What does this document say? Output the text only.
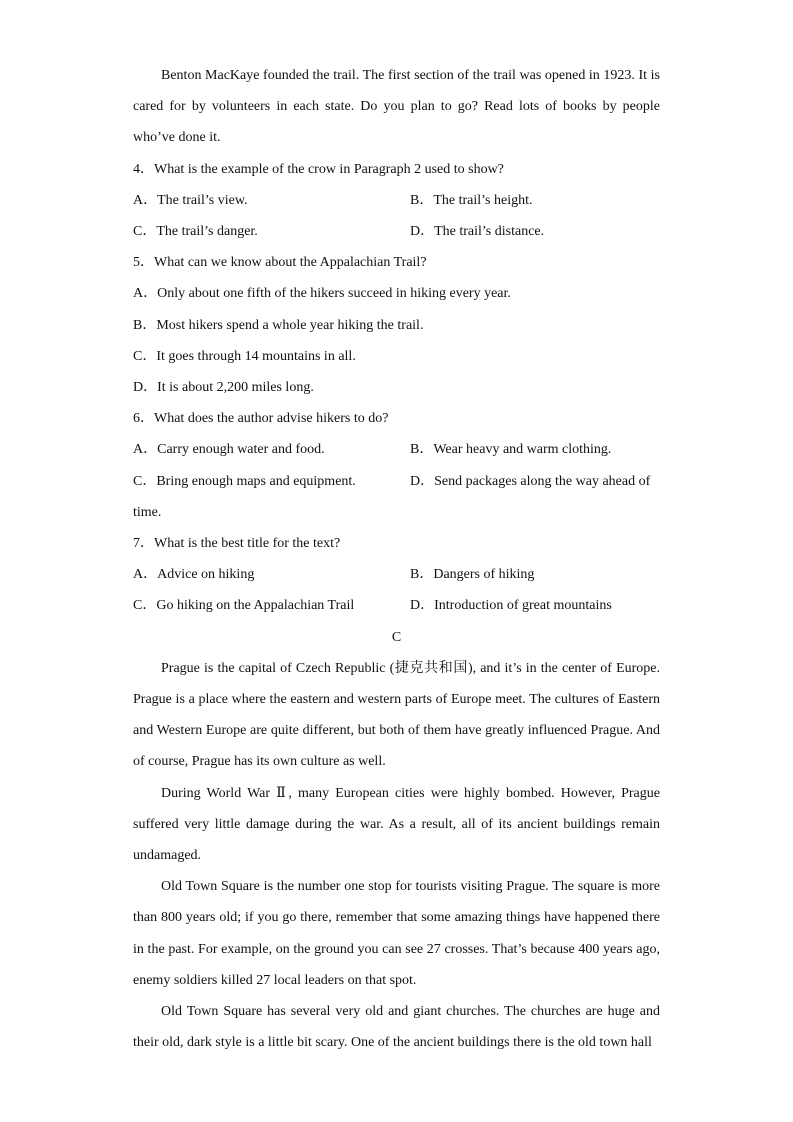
Benton MacKaye founded the trail. The first section of the trail was opened in 1923. It is cared for by volunteers in each state. Do you plan to go? Read lots of books by people who’ve done it.

4．What is the example of the crow in Paragraph 2 used to show?

A．The trail’s view.	B．The trail’s height.
C．The trail’s danger.	D．The trail’s distance.

5．What can we know about the Appalachian Trail?

A．Only about one fifth of the hikers succeed in hiking every year.

B．Most hikers spend a whole year hiking the trail.

C．It goes through 14 mountains in all.

D．It is about 2,200 miles long.

6．What does the author advise hikers to do?

A．Carry enough water and food.	B．Wear heavy and warm clothing.
C．Bring enough maps and equipment.	D．Send packages along the way ahead of

time.

7．What is the best title for the text?

A．Advice on hiking	B．Dangers of hiking
C．Go hiking on the Appalachian Trail	D．Introduction of great mountains

C

Prague is the capital of Czech Republic (捷克共和国), and it’s in the center of Europe. Prague is a place where the eastern and western parts of Europe meet. The cultures of Eastern and Western Europe are quite different, but both of them have greatly influenced Prague. And of course, Prague has its own culture as well.

During World War Ⅱ, many European cities were highly bombed. However, Prague suffered very little damage during the war. As a result, all of its ancient buildings remain undamaged.

Old Town Square is the number one stop for tourists visiting Prague. The square is more than 800 years old; if you go there, remember that some amazing things have happened there in the past. For example, on the ground you can see 27 crosses. That’s because 400 years ago, enemy soldiers killed 27 local leaders on that spot.

Old Town Square has several very old and giant churches. The churches are huge and their old, dark style is a little bit scary. One of the ancient buildings there is the old town hall
